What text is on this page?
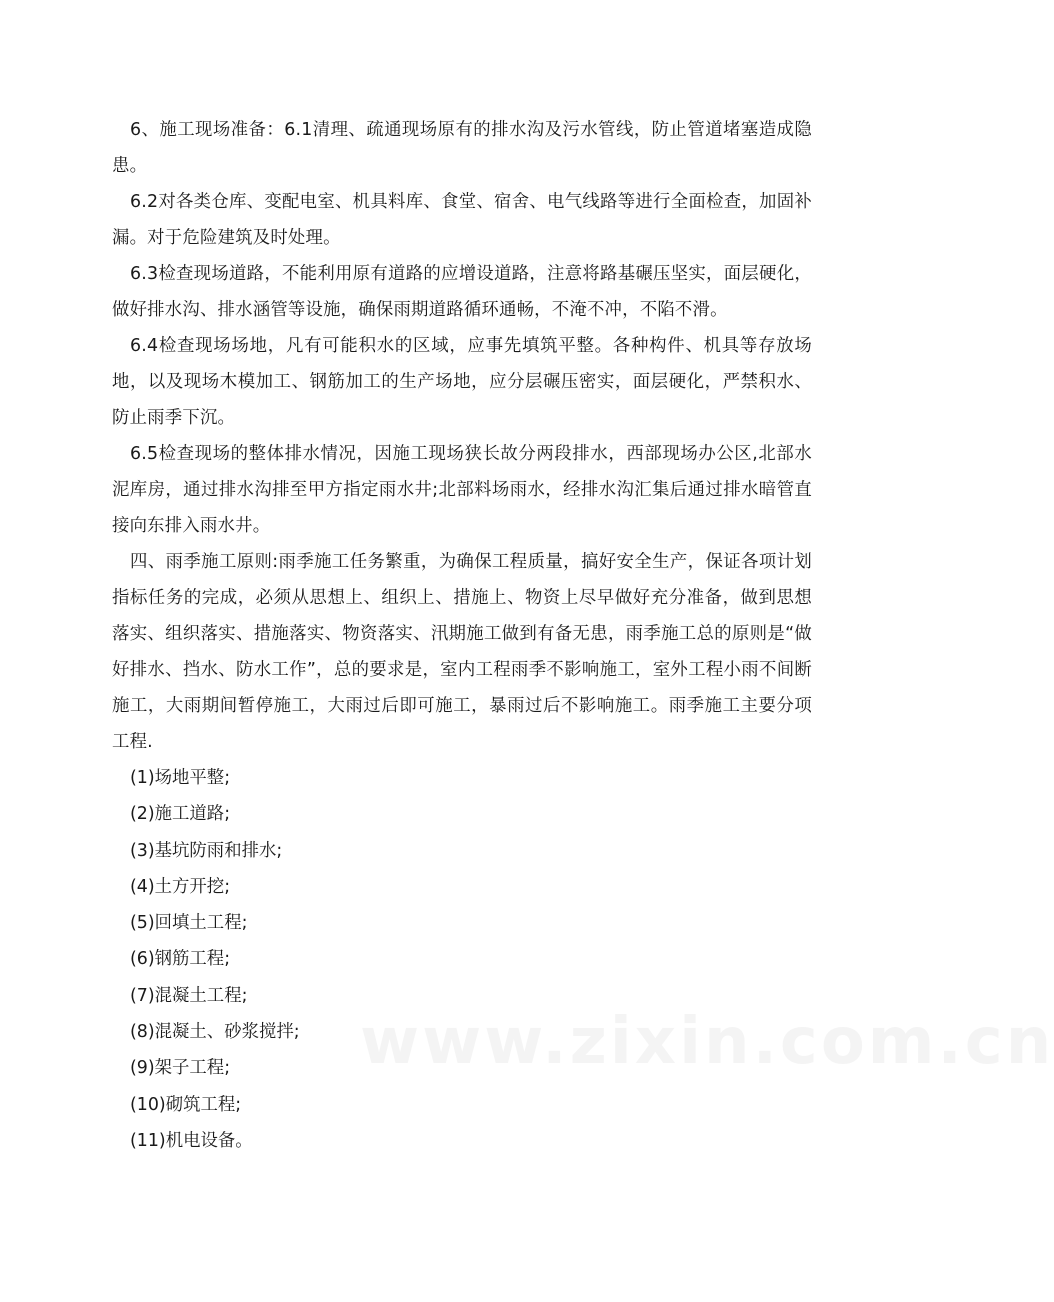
6、施工现场准备：6.1清理、疏通现场原有的排水沟及污水管线，防止管道堵塞造成隐患。

6.2对各类仓库、变配电室、机具料库、食堂、宿舍、电气线路等进行全面检查，加固补漏。对于危险建筑及时处理。

6.3检查现场道路，不能利用原有道路的应增设道路，注意将路基碾压坚实，面层硬化，做好排水沟、排水涵管等设施，确保雨期道路循环通畅，不淹不冲，不陷不滑。

6.4检查现场场地，凡有可能积水的区域，应事先填筑平整。各种构件、机具等存放场地，以及现场木模加工、钢筋加工的生产场地，应分层碾压密实，面层硬化，严禁积水、防止雨季下沉。

6.5检查现场的整体排水情况，因施工现场狭长故分两段排水，西部现场办公区,北部水泥库房，通过排水沟排至甲方指定雨水井;北部料场雨水，经排水沟汇集后通过排水暗管直接向东排入雨水井。

四、雨季施工原则:雨季施工任务繁重，为确保工程质量，搞好安全生产，保证各项计划指标任务的完成，必须从思想上、组织上、措施上、物资上尽早做好充分准备，做到思想落实、组织落实、措施落实、物资落实、汛期施工做到有备无患，雨季施工总的原则是“做好排水、挡水、防水工作”，总的要求是，室内工程雨季不影响施工，室外工程小雨不间断施工，大雨期间暂停施工，大雨过后即可施工，暴雨过后不影响施工。雨季施工主要分项工程.

(1)场地平整;
(2)施工道路;
(3)基坑防雨和排水;
(4)土方开挖;
(5)回填土工程;
(6)钢筋工程;
(7)混凝土工程;
(8)混凝土、砂浆搅拌;
(9)架子工程;
(10)砌筑工程;
(11)机电设备。
www.zixin.com.cn
